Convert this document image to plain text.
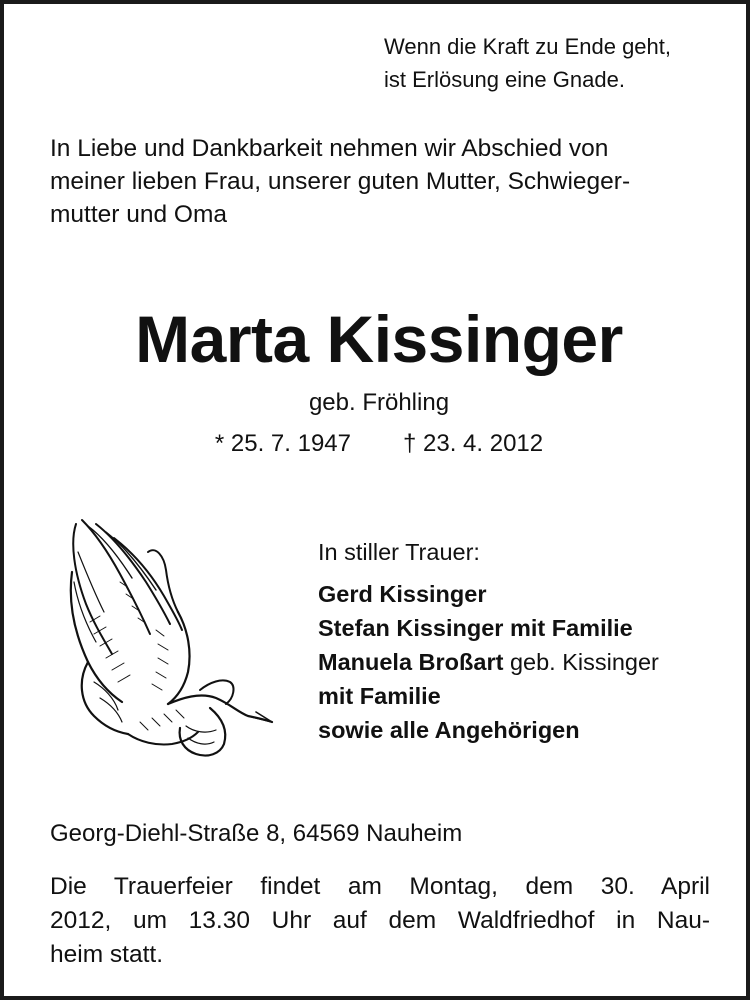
Wenn die Kraft zu Ende geht,
ist Erlösung eine Gnade.
In Liebe und Dankbarkeit nehmen wir Abschied von
meiner lieben Frau, unserer guten Mutter, Schwieger-
mutter und Oma
Marta Kissinger
geb. Fröhling
* 25. 7. 1947 † 23. 4. 2012
In stiller Trauer:
Gerd Kissinger
Stefan Kissinger mit Familie
Manuela Broßart geb. Kissinger
mit Familie
sowie alle Angehörigen
Georg-Diehl-Straße 8, 64569 Nauheim
Die Trauerfeier findet am Montag, dem 30. April
2012, um 13.30 Uhr auf dem Waldfriedhof in Nau-
heim statt.
